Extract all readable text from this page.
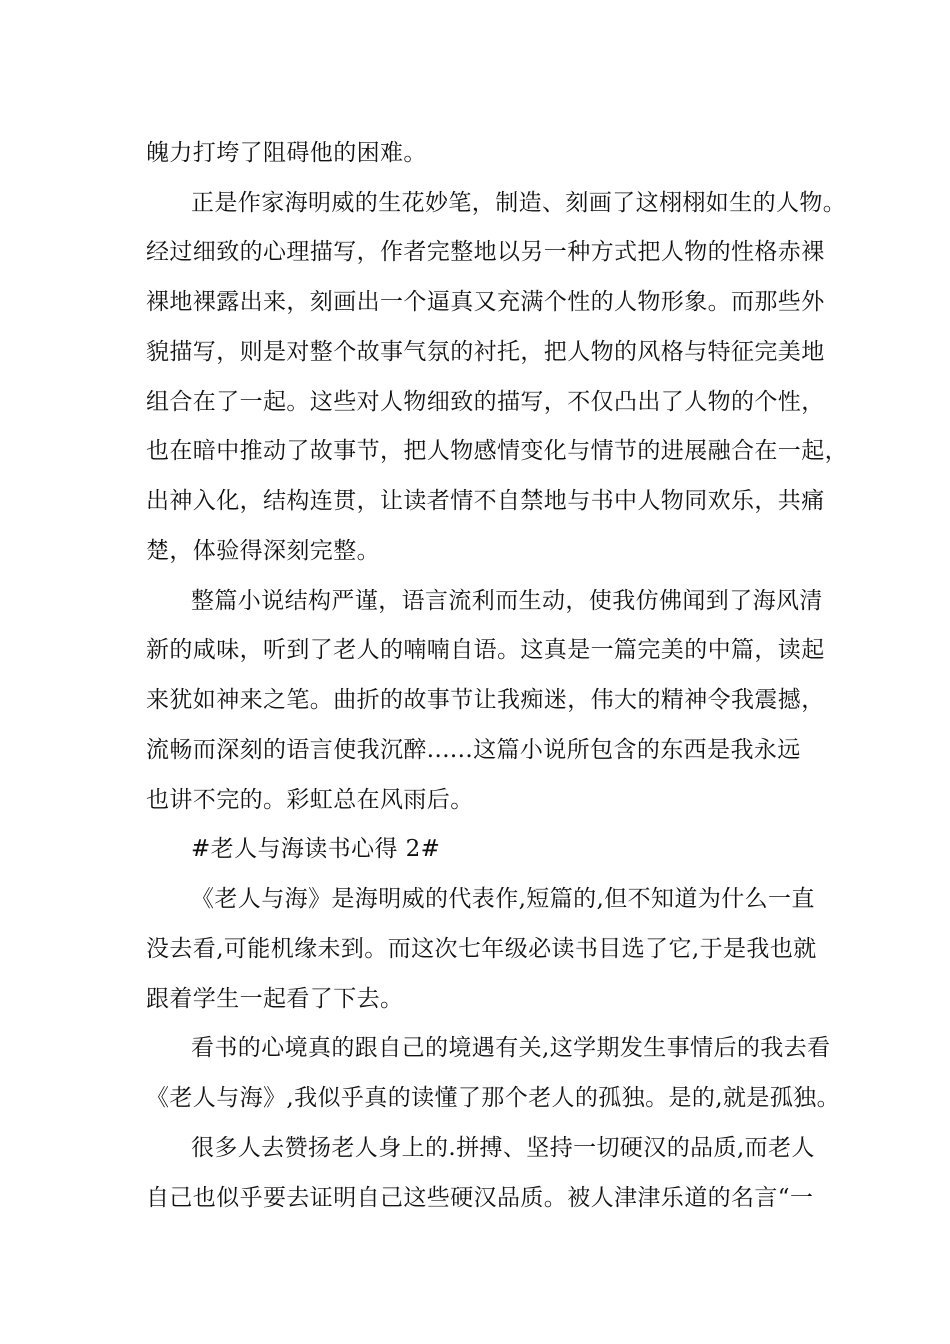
魄力打垮了阻碍他的困难。
正是作家海明威的生花妙笔，制造、刻画了这栩栩如生的人物。
经过细致的心理描写，作者完整地以另一种方式把人物的性格赤裸
裸地裸露出来，刻画出一个逼真又充满个性的人物形象。而那些外
貌描写，则是对整个故事气氛的衬托，把人物的风格与特征完美地
组合在了一起。这些对人物细致的描写，不仅凸出了人物的个性，
也在暗中推动了故事节，把人物感情变化与情节的进展融合在一起，
出神入化，结构连贯，让读者情不自禁地与书中人物同欢乐，共痛
楚，体验得深刻完整。
整篇小说结构严谨，语言流利而生动，使我仿佛闻到了海风清
新的咸味，听到了老人的喃喃自语。这真是一篇完美的中篇，读起
来犹如神来之笔。曲折的故事节让我痴迷，伟大的精神令我震撼，
流畅而深刻的语言使我沉醉......这篇小说所包含的东西是我永远
也讲不完的。彩虹总在风雨后。
#老人与海读书心得 2#
《老人与海》是海明威的代表作,短篇的,但不知道为什么一直
没去看,可能机缘未到。而这次七年级必读书目选了它,于是我也就
跟着学生一起看了下去。
看书的心境真的跟自己的境遇有关,这学期发生事情后的我去看
《老人与海》,我似乎真的读懂了那个老人的孤独。是的,就是孤独。
很多人去赞扬老人身上的.拼搏、坚持一切硬汉的品质,而老人
自己也似乎要去证明自己这些硬汉品质。被人津津乐道的名言“一
